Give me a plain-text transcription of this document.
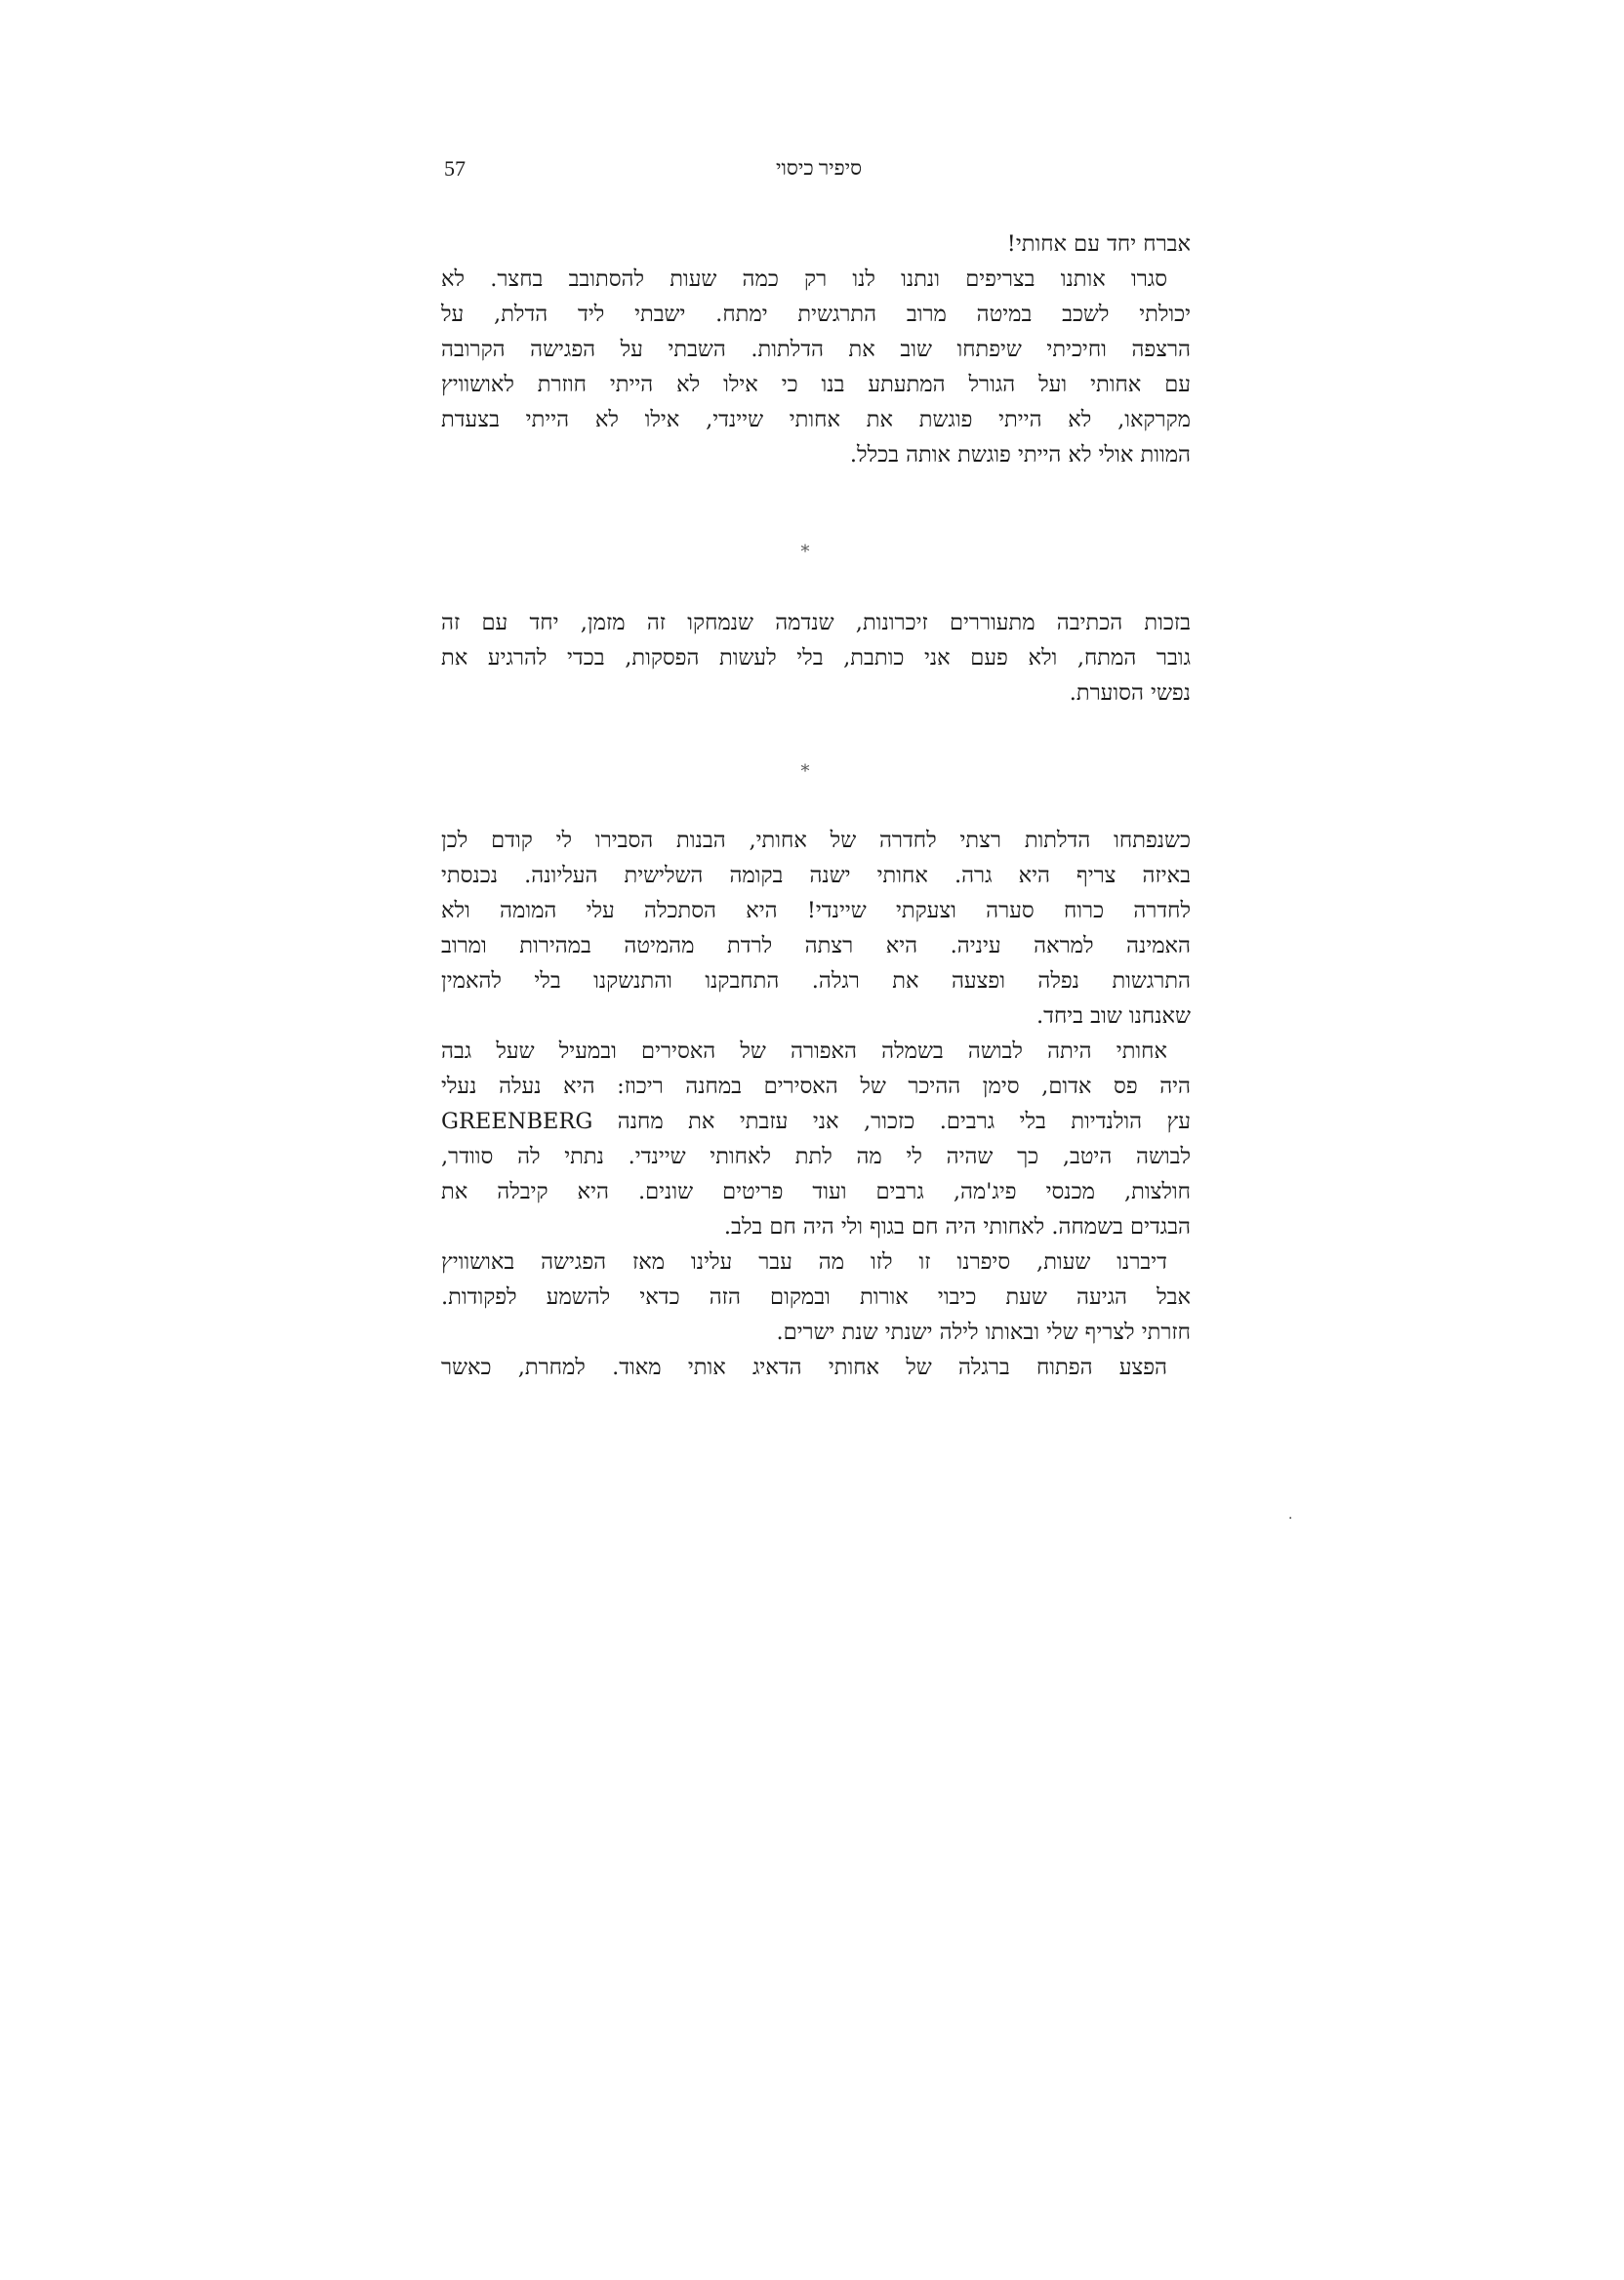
57	סיפיר כיסוי
אברח יחד עם אחותי!
סגרו אותנו בצריפים ונתנו לנו רק כמה שעות להסתובב בחצר. לא
יכולתי לשכב במיטה מרוב התרגשית ימתח. ישבתי ליד הדלת, על
הרצפה וחיכיתי שיפתחו שוב את הדלתות. השבתי על הפגישה הקרובה
עם אחותי ועל הגורל המתעתע בנו כי אילו לא הייתי חוזרת לאושוויץ
מקרקאו, לא הייתי פוגשת את אחותי שיינדי, אילו לא הייתי בצעדת
המוות אולי לא הייתי פוגשת אותה בכלל.
*
בזכות הכתיבה מתעוררים זיכרונות, שנדמה שנמחקו זה מזמן, יחד עם זה
גובר המתח, ולא פעם אני כותבת, בלי לעשות הפסקות, בכדי להרגיע את
נפשי הסוערת.
*
כשנפתחו הדלתות רצתי לחדרה של אחותי, הבנות הסבירו לי קודם לכן
באיזה צריף היא גרה. אחותי ישנה בקומה השלישית העליונה. נכנסתי
לחדרה כרוח סערה וצעקתי שיינדי! היא הסתכלה עלי המומה ולא
האמינה למראה עיניה. היא רצתה לרדת מהמיטה במהירות ומרוב
התרגשות נפלה ופצעה את רגלה. התחבקנו והתנשקנו בלי להאמין
שאנחנו שוב ביחד.
אחותי היתה לבושה בשמלה האפורה של האסירים ובמעיל שעל גבה
היה פס אדום, סימן ההיכר של האסירים במחנה ריכוז: היא נעלה נעלי
עץ הולנדיות בלי גרבים. כזכור, אני עזבתי את מחנה GREENBERG
לבושה היטב, כך שהיה לי מה לתת לאחותי שיינדי. נתתי לה סוודר,
חולצות, מכנסי פיג'מה, גרבים ועוד פריטים שונים. היא קיבלה את
הבגדים בשמחה. לאחותי היה חם בגוף ולי היה חם בלב.
דיברנו שעות, סיפרנו זו לזו מה עבר עלינו מאז הפגישה באושוויץ
אבל הגיעה שעת כיבוי אורות ובמקום הזה כדאי להשמע לפקודות.
חזרתי לצריף שלי ובאותו לילה ישנתי שנת ישרים.
הפצע הפתוח ברגלה של אחותי הדאיג אותי מאוד. למחרת, כאשר
·
